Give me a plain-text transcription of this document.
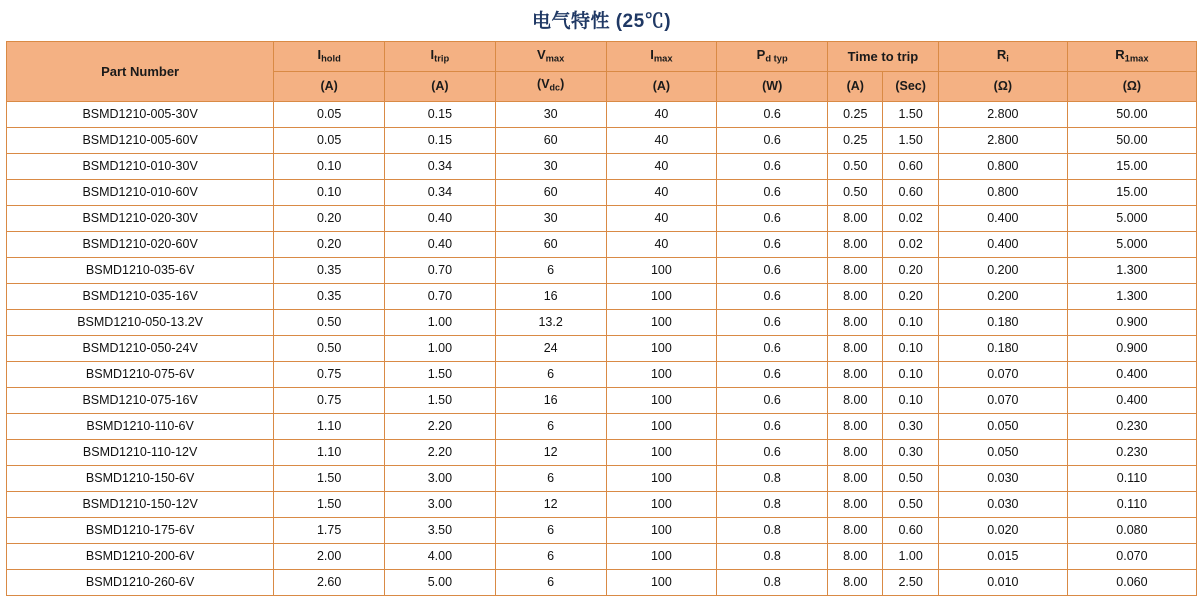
电气特性 (25℃)
Part Number	$I_{hold}$	$I_{trip}$	$V_{max}$	$I_{max}$	$P_{d typ}$	Time to trip		$R_i$	$R_{1max}$
	(A)	(A)	$(V_{dc})$	(A)	(W)	(A)	(Sec)	(Ω)	(Ω)
BSMD1210-005-30V	0.05	0.15	30	40	0.6	0.25	1.50	2.800	50.00
BSMD1210-005-60V	0.05	0.15	60	40	0.6	0.25	1.50	2.800	50.00
BSMD1210-010-30V	0.10	0.34	30	40	0.6	0.50	0.60	0.800	15.00
BSMD1210-010-60V	0.10	0.34	60	40	0.6	0.50	0.60	0.800	15.00
BSMD1210-020-30V	0.20	0.40	30	40	0.6	8.00	0.02	0.400	5.000
BSMD1210-020-60V	0.20	0.40	60	40	0.6	8.00	0.02	0.400	5.000
BSMD1210-035-6V	0.35	0.70	6	100	0.6	8.00	0.20	0.200	1.300
BSMD1210-035-16V	0.35	0.70	16	100	0.6	8.00	0.20	0.200	1.300
BSMD1210-050-13.2V	0.50	1.00	13.2	100	0.6	8.00	0.10	0.180	0.900
BSMD1210-050-24V	0.50	1.00	24	100	0.6	8.00	0.10	0.180	0.900
BSMD1210-075-6V	0.75	1.50	6	100	0.6	8.00	0.10	0.070	0.400
BSMD1210-075-16V	0.75	1.50	16	100	0.6	8.00	0.10	0.070	0.400
BSMD1210-110-6V	1.10	2.20	6	100	0.6	8.00	0.30	0.050	0.230
BSMD1210-110-12V	1.10	2.20	12	100	0.6	8.00	0.30	0.050	0.230
BSMD1210-150-6V	1.50	3.00	6	100	0.8	8.00	0.50	0.030	0.110
BSMD1210-150-12V	1.50	3.00	12	100	0.8	8.00	0.50	0.030	0.110
BSMD1210-175-6V	1.75	3.50	6	100	0.8	8.00	0.60	0.020	0.080
BSMD1210-200-6V	2.00	4.00	6	100	0.8	8.00	1.00	0.015	0.070
BSMD1210-260-6V	2.60	5.00	6	100	0.8	8.00	2.50	0.010	0.060
